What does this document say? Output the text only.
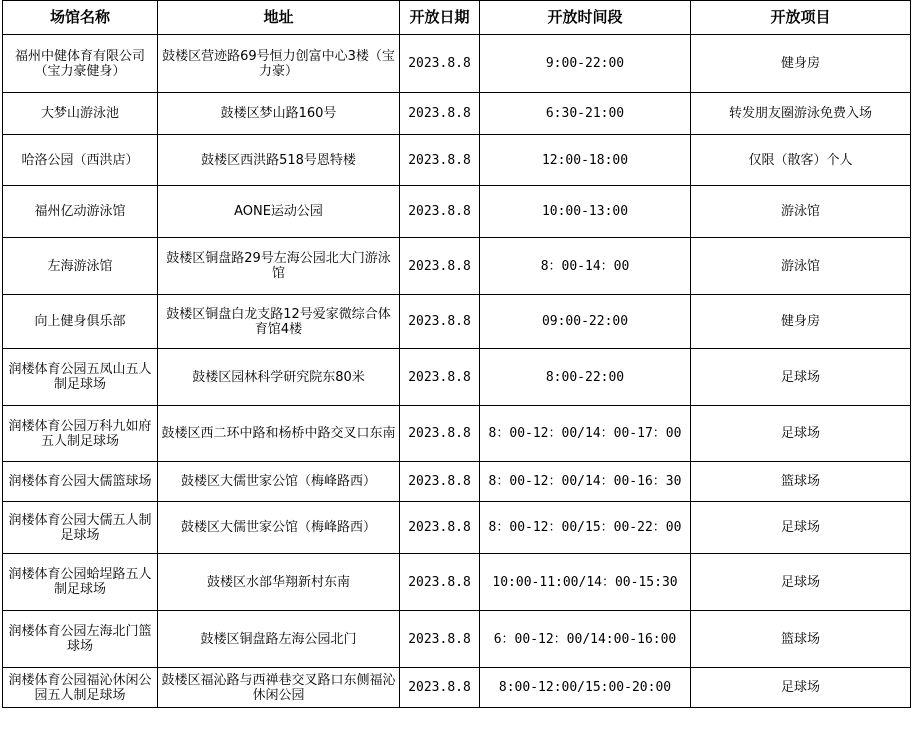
场馆名称	地址	开放日期	开放时间段	开放项目
福州中健体育有限公司（宝力豪健身）	鼓楼区营迹路69号恒力创富中心3楼（宝力豪）	2023.8.8	9:00-22:00	健身房
大梦山游泳池	鼓楼区梦山路160号	2023.8.8	6:30-21:00	转发朋友圈游泳免费入场
哈洛公园（西洪店）	鼓楼区西洪路518号恩特楼	2023.8.8	12:00-18:00	仅限（散客）个人
福州亿动游泳馆	AONE运动公园	2023.8.8	10:00-13:00	游泳馆
左海游泳馆	鼓楼区铜盘路29号左海公园北大门游泳馆	2023.8.8	8：00-14：00	游泳馆
向上健身俱乐部	鼓楼区铜盘白龙支路12号爱家微综合体育馆4楼	2023.8.8	09:00-22:00	健身房
润楼体育公园五凤山五人制足球场	鼓楼区园林科学研究院东80米	2023.8.8	8:00-22:00	足球场
润楼体育公园万科九如府五人制足球场	鼓楼区西二环中路和杨桥中路交叉口东南	2023.8.8	8：00-12：00/14：00-17：00	足球场
润楼体育公园大儒篮球场	鼓楼区大儒世家公馆（梅峰路西）	2023.8.8	8：00-12：00/14：00-16：30	篮球场
润楼体育公园大儒五人制足球场	鼓楼区大儒世家公馆（梅峰路西）	2023.8.8	8：00-12：00/15：00-22：00	足球场
润楼体育公园蛤埕路五人制足球场	鼓楼区水部华翔新村东南	2023.8.8	10:00-11:00/14：00-15:30	足球场
润楼体育公园左海北门篮球场	鼓楼区铜盘路左海公园北门	2023.8.8	6：00-12：00/14:00-16:00	篮球场
润楼体育公园福沁休闲公园五人制足球场	鼓楼区福沁路与西禅巷交叉路口东侧福沁休闲公园	2023.8.8	8:00-12:00/15:00-20:00	足球场
